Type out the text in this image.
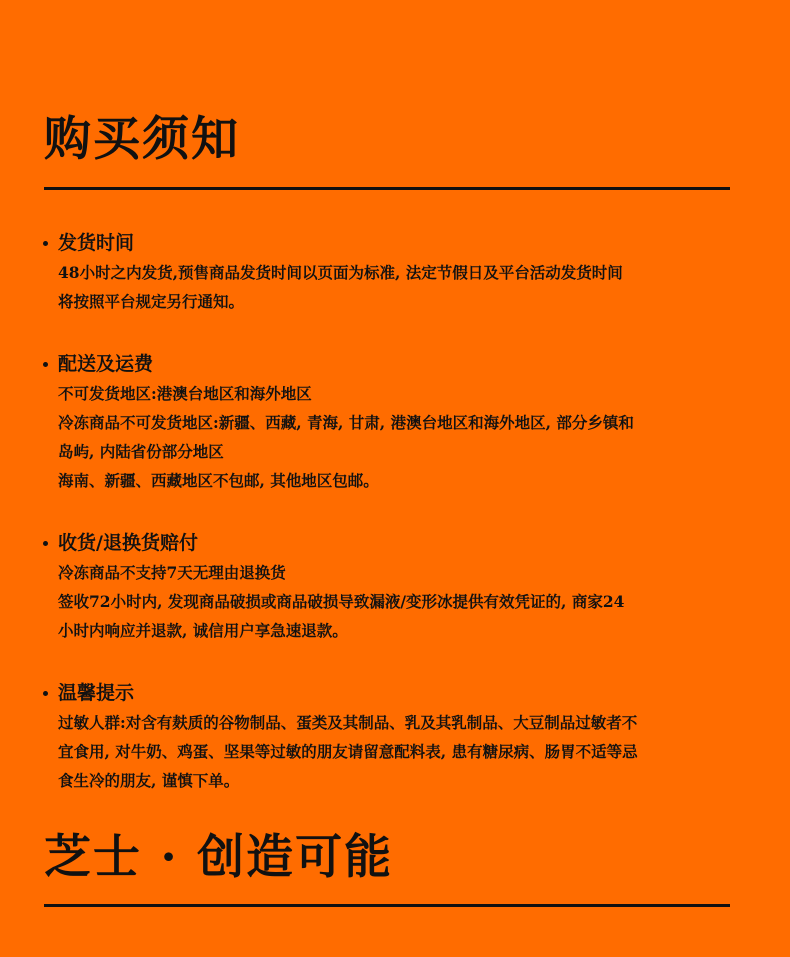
购买须知
发货时间
48小时之内发货,预售商品发货时间以页面为标准, 法定节假日及平台活动发货时间
将按照平台规定另行通知。
配送及运费
不可发货地区:港澳台地区和海外地区
冷冻商品不可发货地区:新疆、西藏, 青海, 甘肃, 港澳台地区和海外地区, 部分乡镇和
岛屿, 内陆省份部分地区
海南、新疆、西藏地区不包邮, 其他地区包邮。
收货/退换货赔付
冷冻商品不支持7天无理由退换货
签收72小时内, 发现商品破损或商品破损导致漏液/变形冰提供有效凭证的, 商家24
小时内响应并退款, 诚信用户享急速退款。
温馨提示
过敏人群:对含有麸质的谷物制品、蛋类及其制品、乳及其乳制品、大豆制品过敏者不
宜食用, 对牛奶、鸡蛋、坚果等过敏的朋友请留意配料表, 患有糖尿病、肠胃不适等忌
食生冷的朋友, 谨慎下单。
芝士 · 创造可能
